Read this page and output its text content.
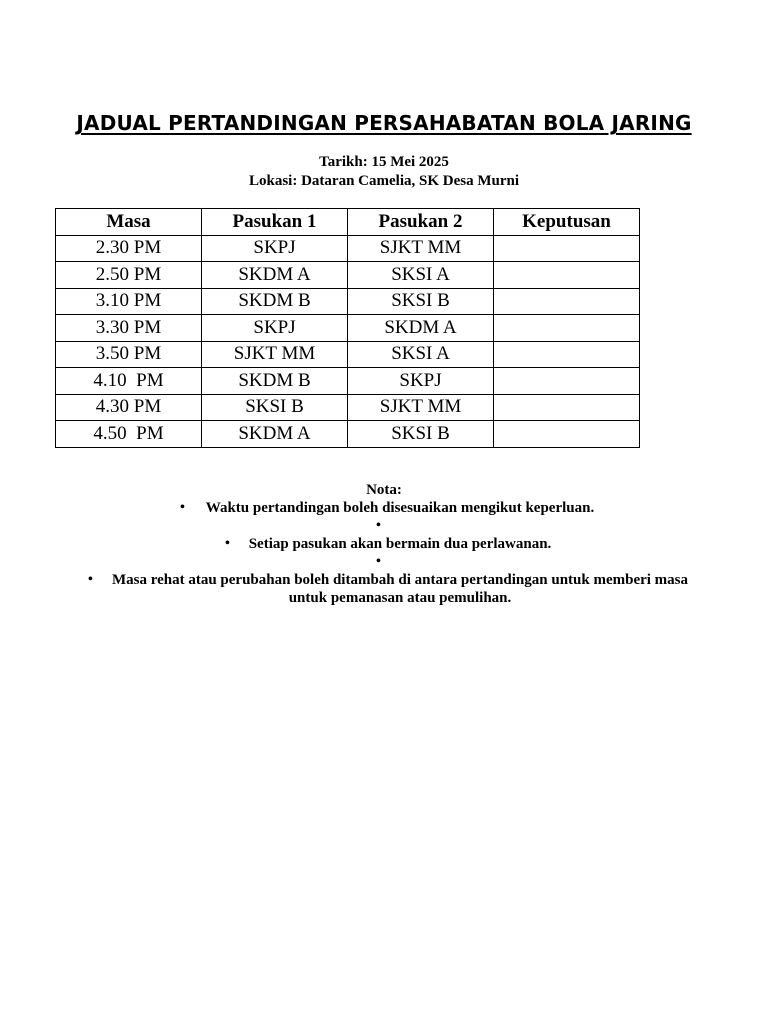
JADUAL PERTANDINGAN PERSAHABATAN BOLA JARING
Tarikh: 15 Mei 2025
Lokasi: Dataran Camelia, SK Desa Murni
Masa	Pasukan 1	Pasukan 2	Keputusan
2.30 PM	SKPJ	SJKT MM	
2.50 PM	SKDM A	SKSI A	
3.10 PM	SKDM B	SKSI B	
3.30 PM	SKPJ	SKDM A	
3.50 PM	SJKT MM	SKSI A	
4.10  PM	SKDM B	SKPJ	
4.30 PM	SKSI B	SJKT MM	
4.50  PM	SKDM A	SKSI B	
Nota:
•	Waktu pertandingan boleh disesuaikan mengikut keperluan.
•
•	Setiap pasukan akan bermain dua perlawanan.
•
• Masa rehat atau perubahan boleh ditambah di antara pertandingan untuk memberi masa untuk pemanasan atau pemulihan.
